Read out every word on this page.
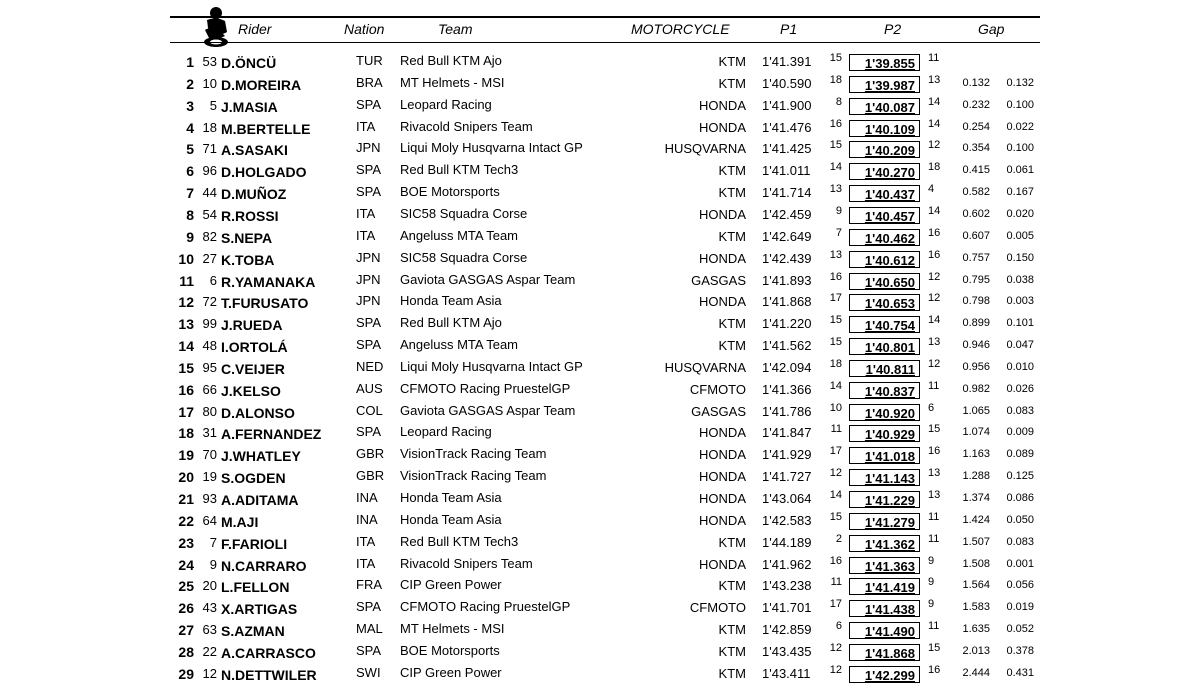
Rider	Nation	Team	MOTORCYCLE	P1	P2	Gap
1 53 D.ÖNCÜ	TUR Red Bull KTM Ajo	KTM 1'41.391	15	1'39.855	11
2 10 D.MOREIRA	BRA MT Helmets - MSI	KTM 1'40.590	18	1'39.987	13	0.132	0.132
3	5 J.MASIA	SPA Leopard Racing	HONDA 1'41.900	8	1'40.087	14	0.232	0.100
4 18 M.BERTELLE	ITA Rivacold Snipers Team	HONDA 1'41.476	16	1'40.109	14	0.254	0.022
5 71 A.SASAKI	JPN Liqui Moly Husqvarna Intact GP	HUSQVARNA 1'41.425	15	1'40.209	12	0.354	0.100
6 96 D.HOLGADO	SPA Red Bull KTM Tech3	KTM 1'41.011	14	1'40.270	18	0.415	0.061
7 44 D.MUÑOZ	SPA BOE Motorsports	KTM 1'41.714	13	1'40.437	4	0.582	0.167
8 54 R.ROSSI	ITA SIC58 Squadra Corse	HONDA 1'42.459	9	1'40.457	14	0.602	0.020
9 82 S.NEPA	ITA Angeluss MTA Team	KTM 1'42.649	7	1'40.462	16	0.607	0.005
10 27 K.TOBA	JPN SIC58 Squadra Corse	HONDA 1'42.439	13	1'40.612	16	0.757	0.150
11	6 R.YAMANAKA	JPN Gaviota GASGAS Aspar Team	GASGAS 1'41.893	16	1'40.650	12	0.795	0.038
12 72 T.FURUSATO	JPN Honda Team Asia	HONDA 1'41.868	17	1'40.653	12	0.798	0.003
13 99 J.RUEDA	SPA Red Bull KTM Ajo	KTM 1'41.220	15	1'40.754	14	0.899	0.101
14 48 I.ORTOLÁ	SPA Angeluss MTA Team	KTM 1'41.562	15	1'40.801	13	0.946	0.047
15 95 C.VEIJER	NED Liqui Moly Husqvarna Intact GP	HUSQVARNA 1'42.094	18	1'40.811	12	0.956	0.010
16 66 J.KELSO	AUS CFMOTO Racing PruestelGP	CFMOTO 1'41.366	14	1'40.837	11	0.982	0.026
17 80 D.ALONSO	COL Gaviota GASGAS Aspar Team	GASGAS 1'41.786	10	1'40.920	6	1.065	0.083
18 31 A.FERNANDEZ	SPA Leopard Racing	HONDA 1'41.847	11	1'40.929	15	1.074	0.009
19 70 J.WHATLEY	GBR VisionTrack Racing Team	HONDA 1'41.929	17	1'41.018	16	1.163	0.089
20 19 S.OGDEN	GBR VisionTrack Racing Team	HONDA 1'41.727	12	1'41.143	13	1.288	0.125
21 93 A.ADITAMA	INA Honda Team Asia	HONDA 1'43.064	14	1'41.229	13	1.374	0.086
22 64 M.AJI	INA Honda Team Asia	HONDA 1'42.583	15	1'41.279	11	1.424	0.050
23	7 F.FARIOLI	ITA Red Bull KTM Tech3	KTM 1'44.189	2	1'41.362	11	1.507	0.083
24	9 N.CARRARO	ITA Rivacold Snipers Team	HONDA 1'41.962	16	1'41.363	9	1.508	0.001
25 20 L.FELLON	FRA CIP Green Power	KTM 1'43.238	11	1'41.419	9	1.564	0.056
26 43 X.ARTIGAS	SPA CFMOTO Racing PruestelGP	CFMOTO 1'41.701	17	1'41.438	9	1.583	0.019
27 63 S.AZMAN	MAL MT Helmets - MSI	KTM 1'42.859	6	1'41.490	11	1.635	0.052
28 22 A.CARRASCO	SPA BOE Motorsports	KTM 1'43.435	12	1'41.868	15	2.013	0.378
29 12 N.DETTWILER	SWI CIP Green Power	KTM 1'43.411	12	1'42.299	16	2.444	0.431
